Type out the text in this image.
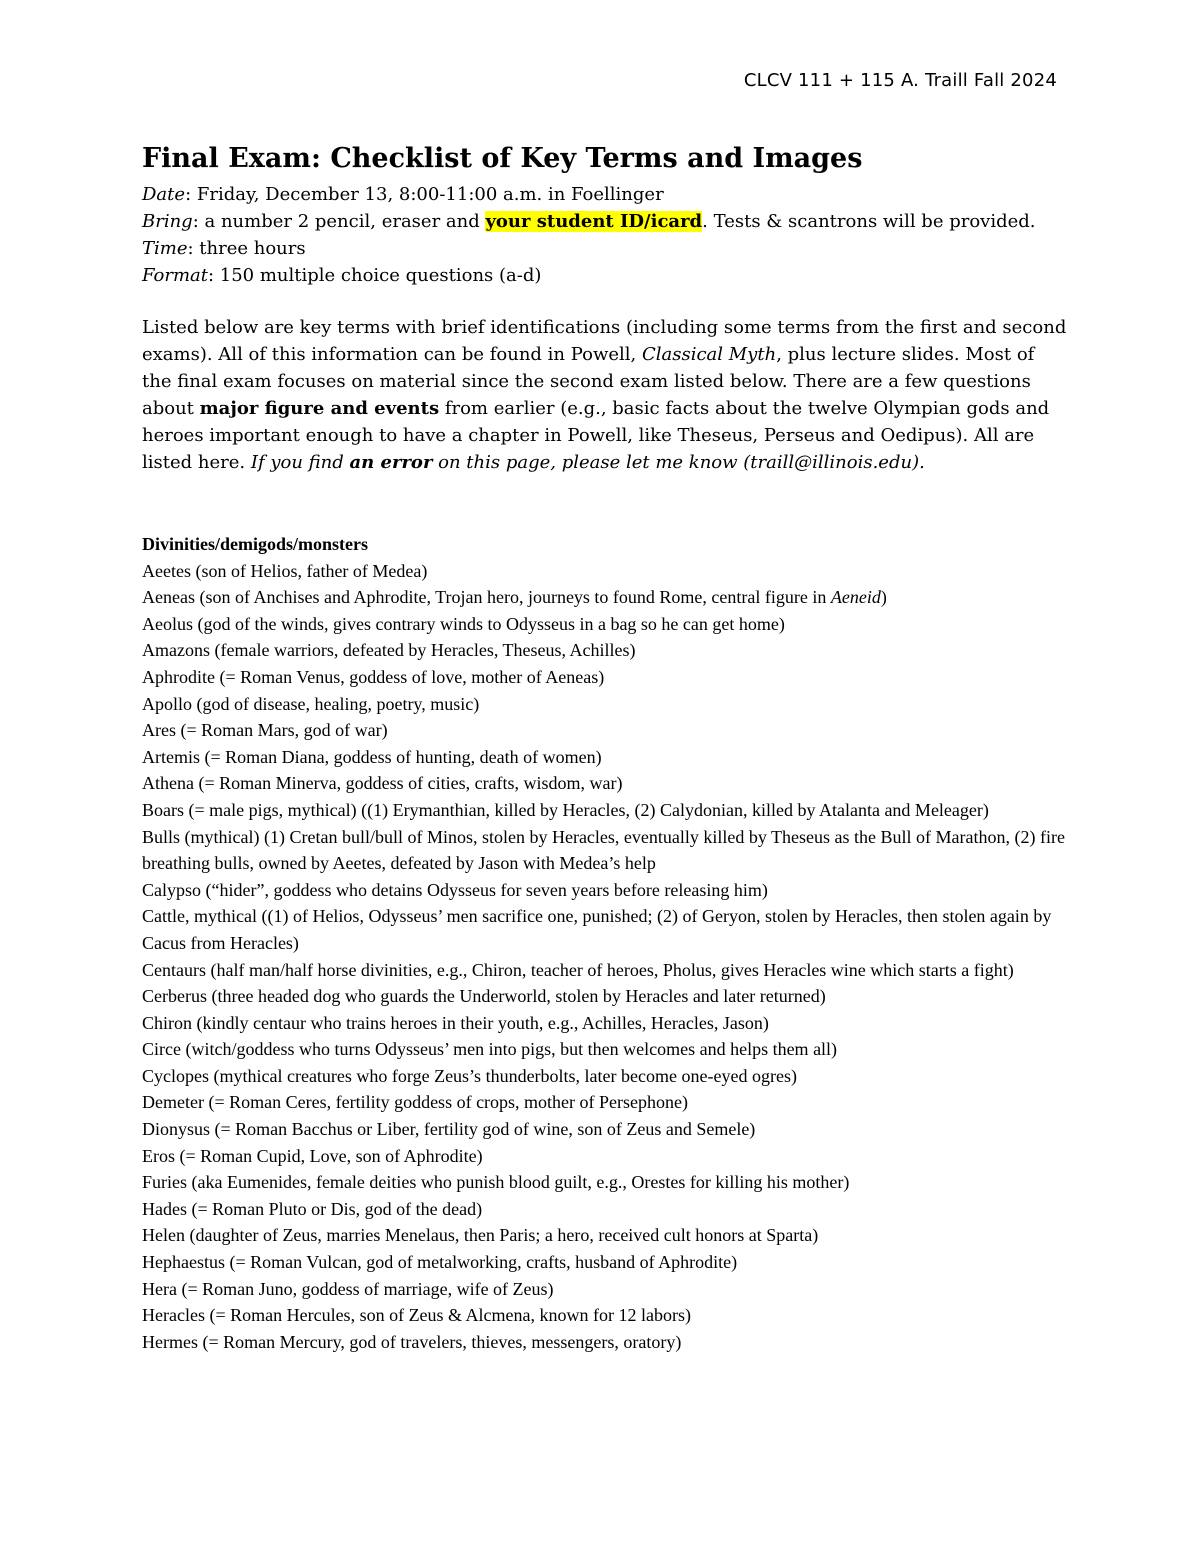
CLCV 111 + 115 A. Traill Fall 2024
Final Exam: Checklist of Key Terms and Images
Date: Friday, December 13, 8:00-11:00 a.m. in Foellinger
Bring: a number 2 pencil, eraser and your student ID/icard. Tests & scantrons will be provided.
Time: three hours
Format: 150 multiple choice questions (a-d)
Listed below are key terms with brief identifications (including some terms from the first and second exams). All of this information can be found in Powell, Classical Myth, plus lecture slides. Most of the final exam focuses on material since the second exam listed below. There are a few questions about major figure and events from earlier (e.g., basic facts about the twelve Olympian gods and heroes important enough to have a chapter in Powell, like Theseus, Perseus and Oedipus). All are listed here. If you find an error on this page, please let me know (traill@illinois.edu).
Divinities/demigods/monsters
Aeetes (son of Helios, father of Medea)
Aeneas (son of Anchises and Aphrodite, Trojan hero, journeys to found Rome, central figure in Aeneid)
Aeolus (god of the winds, gives contrary winds to Odysseus in a bag so he can get home)
Amazons (female warriors, defeated by Heracles, Theseus, Achilles)
Aphrodite (= Roman Venus, goddess of love, mother of Aeneas)
Apollo (god of disease, healing, poetry, music)
Ares (= Roman Mars, god of war)
Artemis (= Roman Diana, goddess of hunting, death of women)
Athena (= Roman Minerva, goddess of cities, crafts, wisdom, war)
Boars (= male pigs, mythical) ((1) Erymanthian, killed by Heracles, (2) Calydonian, killed by Atalanta and Meleager)
Bulls (mythical) (1) Cretan bull/bull of Minos, stolen by Heracles, eventually killed by Theseus as the Bull of Marathon, (2) fire breathing bulls, owned by Aeetes, defeated by Jason with Medea’s help
Calypso (“hider”, goddess who detains Odysseus for seven years before releasing him)
Cattle, mythical ((1) of Helios, Odysseus’ men sacrifice one, punished; (2) of Geryon, stolen by Heracles, then stolen again by Cacus from Heracles)
Centaurs (half man/half horse divinities, e.g., Chiron, teacher of heroes, Pholus, gives Heracles wine which starts a fight)
Cerberus (three headed dog who guards the Underworld, stolen by Heracles and later returned)
Chiron (kindly centaur who trains heroes in their youth, e.g., Achilles, Heracles, Jason)
Circe (witch/goddess who turns Odysseus’ men into pigs, but then welcomes and helps them all)
Cyclopes (mythical creatures who forge Zeus’s thunderbolts, later become one-eyed ogres)
Demeter (= Roman Ceres, fertility goddess of crops, mother of Persephone)
Dionysus (= Roman Bacchus or Liber, fertility god of wine, son of Zeus and Semele)
Eros (= Roman Cupid, Love, son of Aphrodite)
Furies (aka Eumenides, female deities who punish blood guilt, e.g., Orestes for killing his mother)
Hades (= Roman Pluto or Dis, god of the dead)
Helen (daughter of Zeus, marries Menelaus, then Paris; a hero, received cult honors at Sparta)
Hephaestus (= Roman Vulcan, god of metalworking, crafts, husband of Aphrodite)
Hera (= Roman Juno, goddess of marriage, wife of Zeus)
Heracles (= Roman Hercules, son of Zeus & Alcmena, known for 12 labors)
Hermes (= Roman Mercury, god of travelers, thieves, messengers, oratory)
